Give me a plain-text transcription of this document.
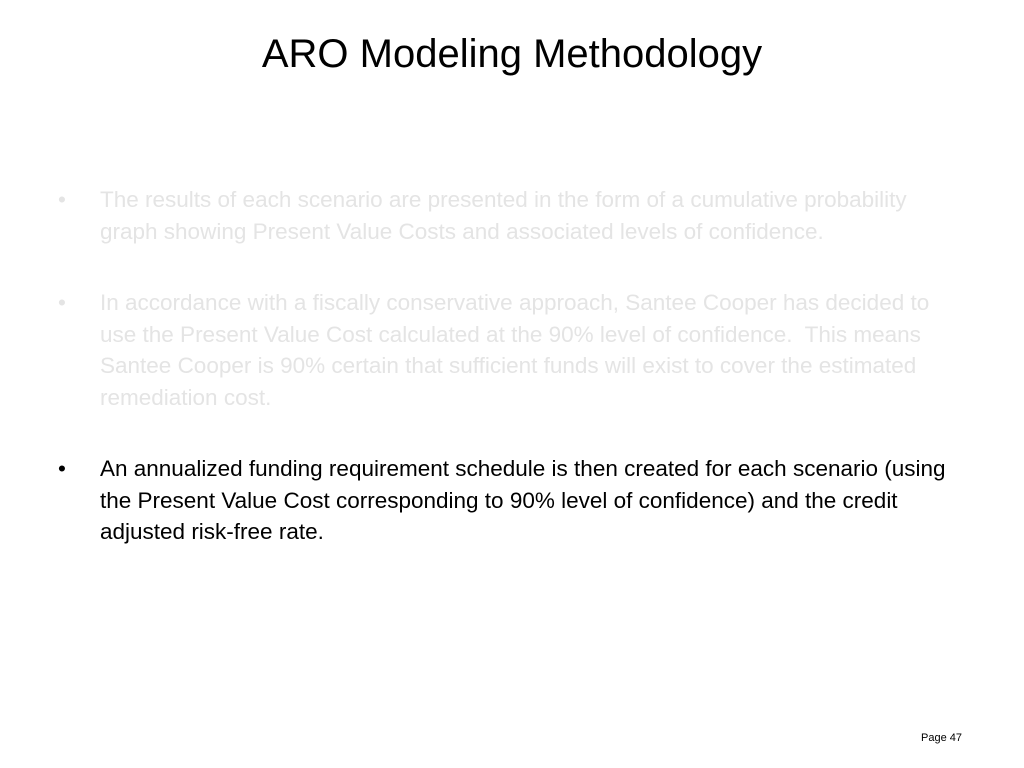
ARO Modeling Methodology
•	The results of each scenario are presented in the form of a cumulative probability graph showing Present Value Costs and associated levels of confidence.
•	In accordance with a fiscally conservative approach, Santee Cooper has decided to use the Present Value Cost calculated at the 90% level of confidence.  This means Santee Cooper is 90% certain that sufficient funds will exist to cover the estimated remediation cost.
•	An annualized funding requirement schedule is then created for each scenario (using the Present Value Cost corresponding to 90% level of confidence) and the credit adjusted risk-free rate.
Page 47
